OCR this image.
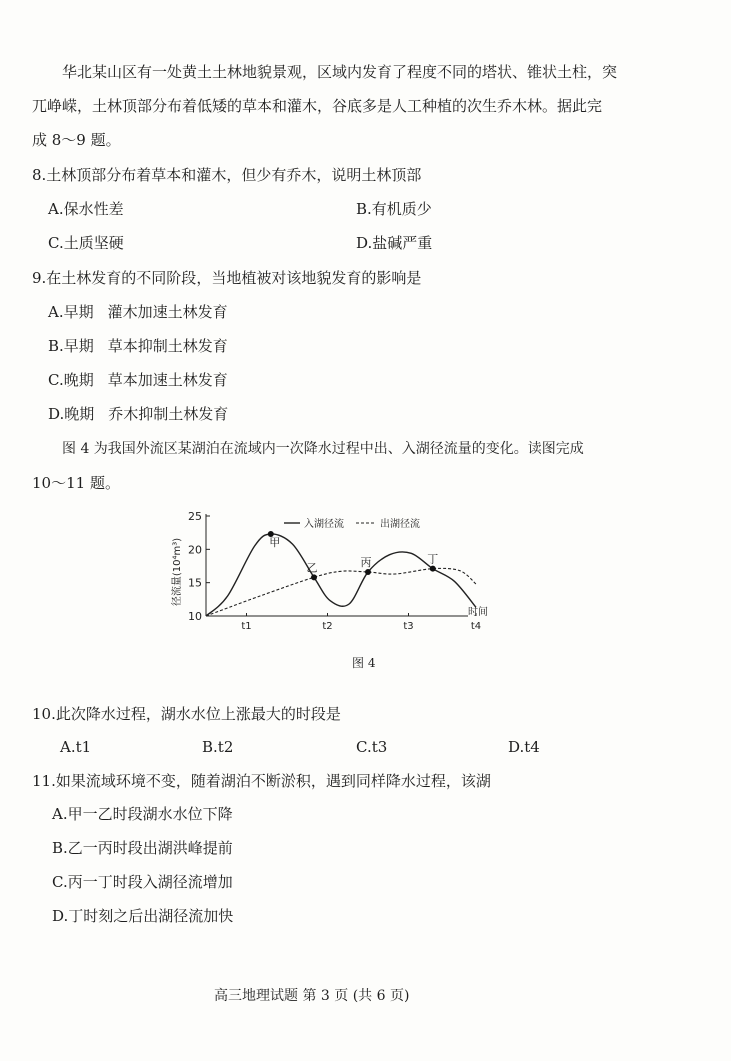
华北某山区有一处黄土土林地貌景观，区域内发育了程度不同的塔状、锥状土柱，突
兀峥嵘，土林顶部分布着低矮的草本和灌木，谷底多是人工种植的次生乔木林。据此完
成 8～9 题。
8.土林顶部分布着草本和灌木，但少有乔木，说明土林顶部
A.保水性差	B.有机质少
C.土质坚硬	D.盐碱严重
9.在土林发育的不同阶段，当地植被对该地貌发育的影响是
A.早期 灌木加速土林发育
B.早期 草本抑制土林发育
C.晚期 草本加速土林发育
D.晚期 乔木抑制土林发育
图 4 为我国外流区某湖泊在流域内一次降水过程中出、入湖径流量的变化。读图完成
10～11 题。
10
15
20
25
径流量(10⁴m³)
t1	t2	t3	t4
时间
甲
乙	丙	丁
入湖径流	出湖径流
图 4
10.此次降水过程，湖水水位上涨最大的时段是
A.t1	B.t2	C.t3	D.t4
11.如果流域环境不变，随着湖泊不断淤积，遇到同样降水过程，该湖
A.甲一乙时段湖水水位下降
B.乙一丙时段出湖洪峰提前
C.丙一丁时段入湖径流增加
D.丁时刻之后出湖径流加快
高三地理试题 第 3 页 (共 6 页)
